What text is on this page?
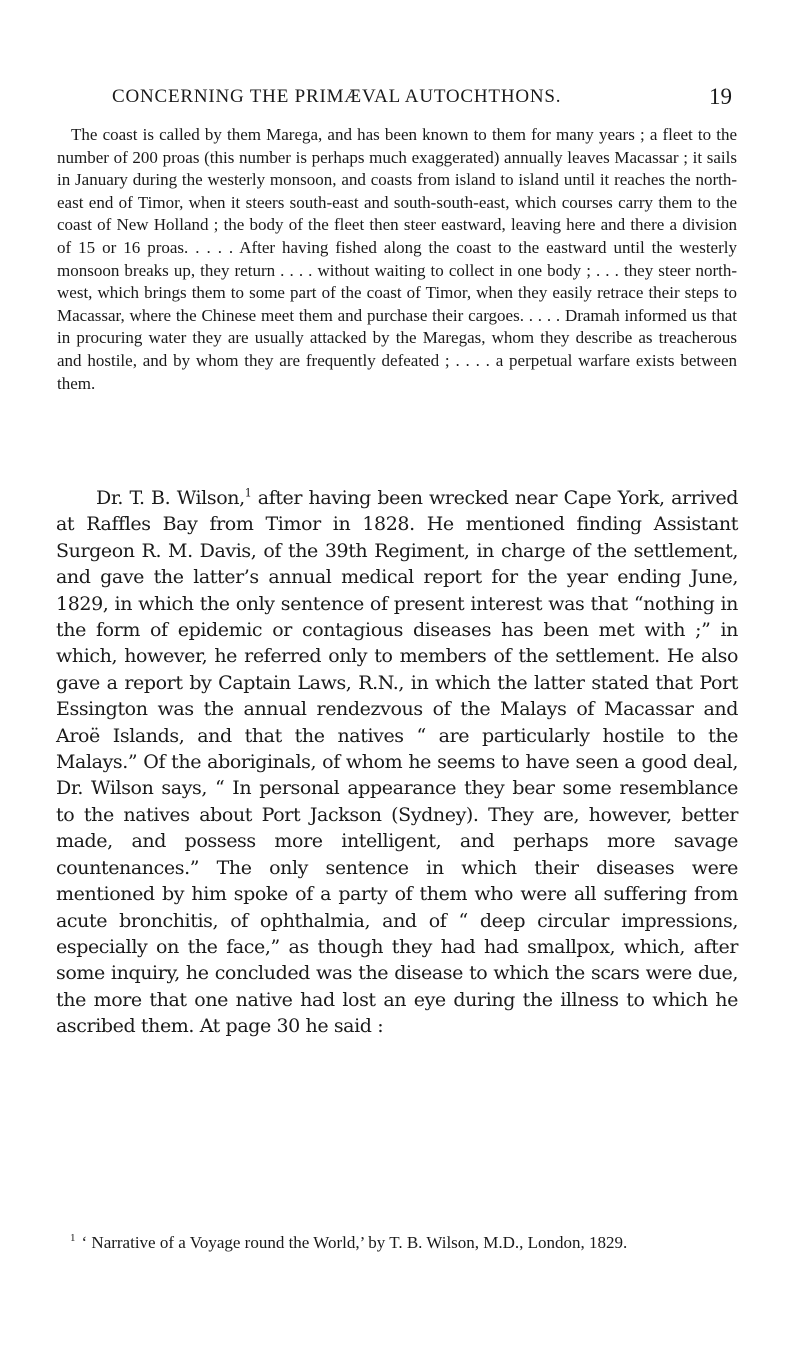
CONCERNING THE PRIMÆVAL AUTOCHTHONS.	19

The coast is called by them Marega, and has been known to them for many years ; a fleet to the number of 200 proas (this number is perhaps much exaggerated) annually leaves Macassar ; it sails in January during the westerly monsoon, and coasts from island to island until it reaches the north-east end of Timor, when it steers south-east and south-south-east, which courses carry them to the coast of New Holland ; the body of the fleet then steer eastward, leaving here and there a division of 15 or 16 proas. . . . . After having fished along the coast to the eastward until the westerly monsoon breaks up, they return . . . . without waiting to collect in one body ; . . . they steer north-west, which brings them to some part of the coast of Timor, when they easily retrace their steps to Macassar, where the Chinese meet them and purchase their cargoes. . . . . Dramah informed us that in procuring water they are usually attacked by the Maregas, whom they describe as treacherous and hostile, and by whom they are frequently defeated ; . . . . a perpetual warfare exists between them.

Dr. T. B. Wilson,$^1$ after having been wrecked near Cape York, arrived at Raffles Bay from Timor in 1828. He mentioned finding Assistant Surgeon R. M. Davis, of the 39th Regiment, in charge of the settlement, and gave the latter’s annual medical report for the year ending June, 1829, in which the only sentence of present interest was that “nothing in the form of epidemic or contagious diseases has been met with ;” in which, however, he referred only to members of the settlement. He also gave a report by Captain Laws, R.N., in which the latter stated that Port Essington was the annual rendezvous of the Malays of Macassar and Aroë Islands, and that the natives “ are particularly hostile to the Malays.” Of the aboriginals, of whom he seems to have seen a good deal, Dr. Wilson says, “ In personal appearance they bear some resemblance to the natives about Port Jackson (Sydney). They are, however, better made, and possess more intelligent, and perhaps more savage countenances.” The only sentence in which their diseases were mentioned by him spoke of a party of them who were all suffering from acute bronchitis, of ophthalmia, and of “ deep circular impressions, especially on the face,” as though they had had smallpox, which, after some inquiry, he concluded was the disease to which the scars were due, the more that one native had lost an eye during the illness to which he ascribed them. At page 30 he said :

$^1$ ‘ Narrative of a Voyage round the World,’ by T. B. Wilson, M.D., London, 1829.
